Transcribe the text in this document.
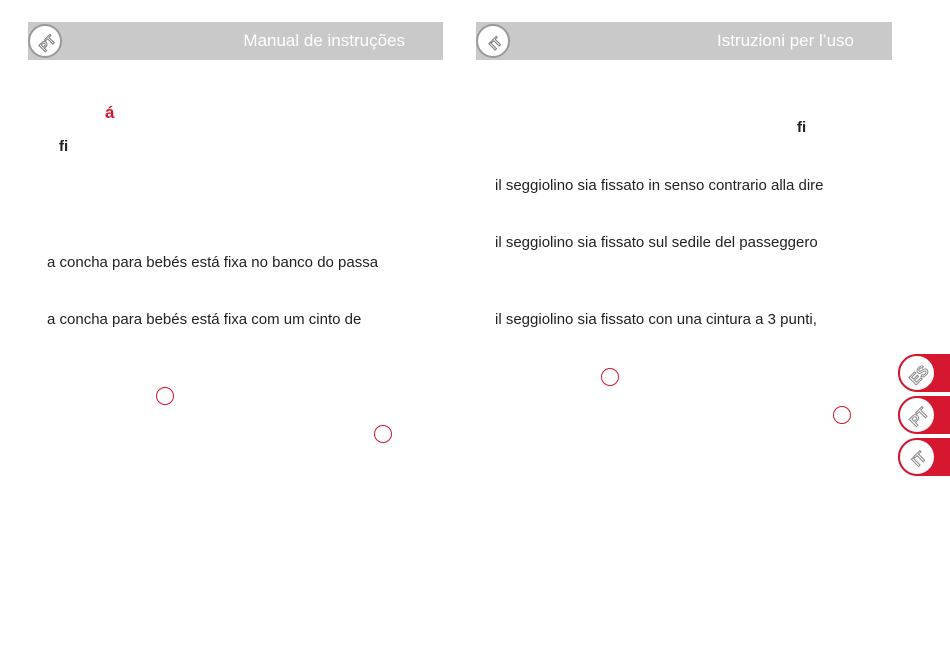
Manual de instruções
PT
á
fi
a concha para bebés está fixa no banco do passa
a concha para bebés está fixa com um cinto de
Istruzioni per l’uso
IT
fi
il seggiolino sia fissato in senso contrario alla dire
il seggiolino sia fissato sul sedile del passeggero
il seggiolino sia fissato con una cintura a 3 punti,
ES
PT
IT
